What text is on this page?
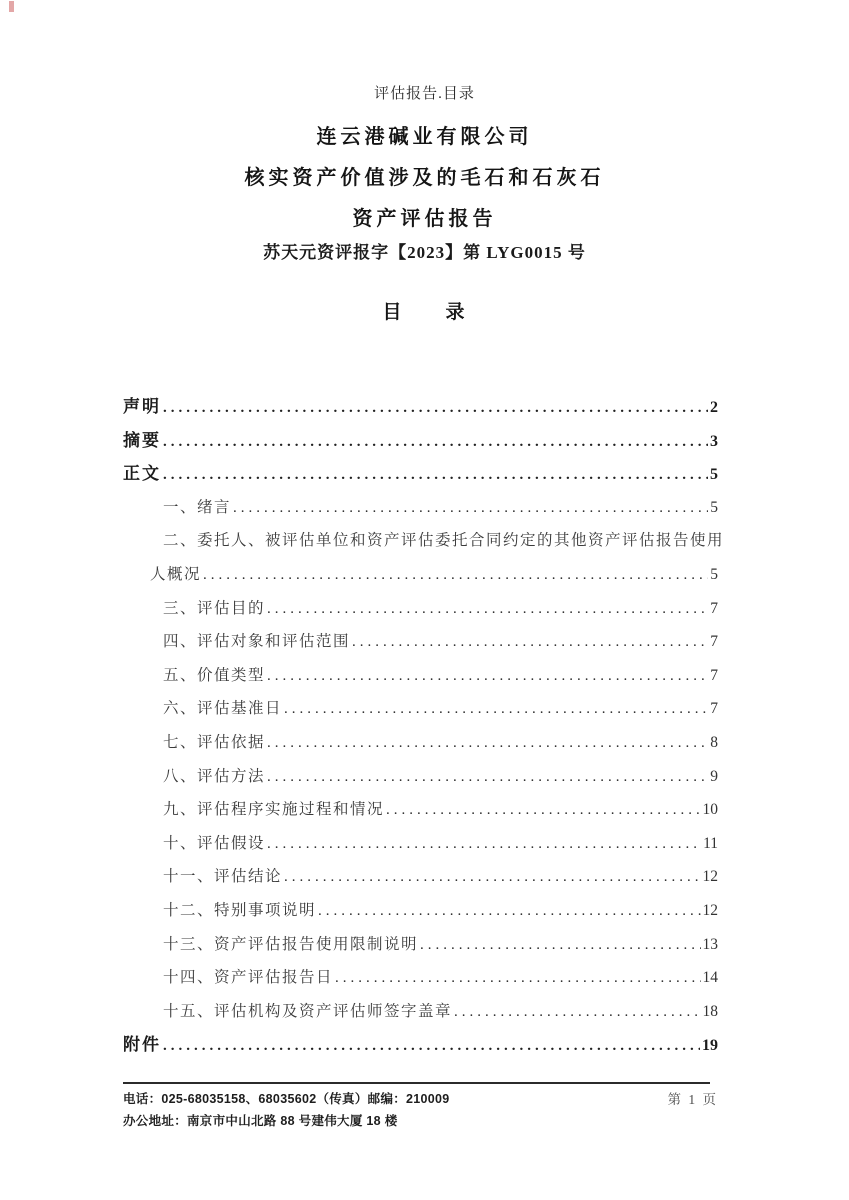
评估报告.目录
连云港碱业有限公司
核实资产价值涉及的毛石和石灰石
资产评估报告
苏天元资评报字【2023】第 LYG0015 号
目　　录
声明 .....	2
摘要 .....	3
正文 .....	5
一、绪言 .....	5
二、委托人、被评估单位和资产评估委托合同约定的其他资产评估报告使用
人概况 .....	5
三、评估目的 .....	7
四、评估对象和评估范围 .....	7
五、价值类型 .....	7
六、评估基准日 .....	7
七、评估依据 .....	8
八、评估方法 .....	9
九、评估程序实施过程和情况 .....	10
十、评估假设 .....	11
十一、评估结论 .....	12
十二、特别事项说明 .....	12
十三、资产评估报告使用限制说明 .....	13
十四、资产评估报告日 .....	14
十五、评估机构及资产评估师签字盖章 .....	18
附件 .....	19
电话：025-68035158、68035602（传真）邮编：210009
办公地址：南京市中山北路 88 号建伟大厦 18 楼
第 1 页
